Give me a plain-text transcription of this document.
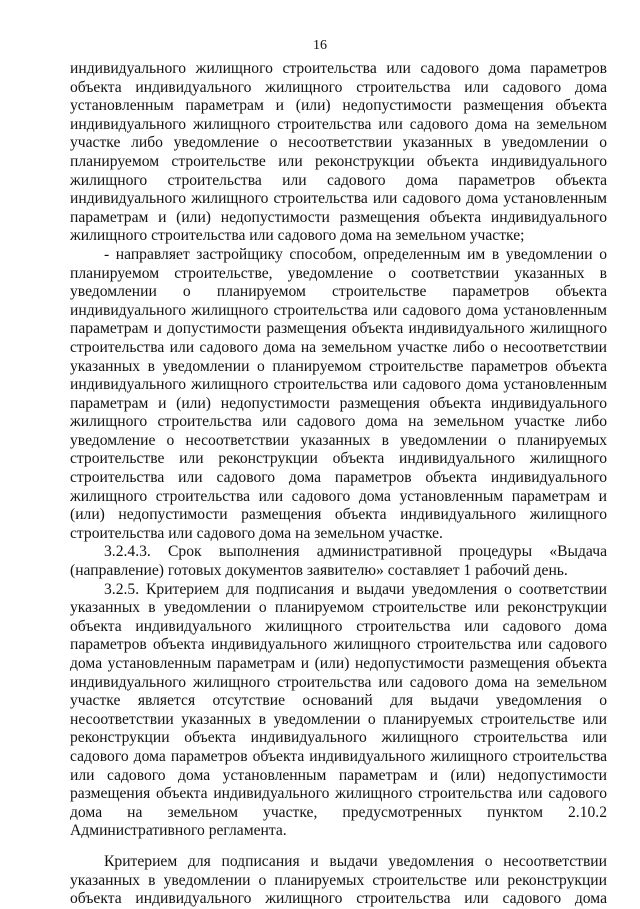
16

индивидуального жилищного строительства или садового дома параметров объекта индивидуального жилищного строительства или садового дома установленным параметрам и (или) недопустимости размещения объекта индивидуального жилищного строительства или садового дома на земельном участке либо уведомление о несоответствии указанных в уведомлении о планируемом строительстве или реконструкции объекта индивидуального жилищного строительства или садового дома параметров объекта индивидуального жилищного строительства или садового дома установленным параметрам и (или) недопустимости размещения объекта индивидуального жилищного строительства или садового дома на земельном участке;

- направляет застройщику способом, определенным им в уведомлении о планируемом строительстве, уведомление о соответствии указанных в уведомлении о планируемом строительстве параметров объекта индивидуального жилищного строительства или садового дома установленным параметрам и допустимости размещения объекта индивидуального жилищного строительства или садового дома на земельном участке либо о несоответствии указанных в уведомлении о планируемом строительстве параметров объекта индивидуального жилищного строительства или садового дома установленным параметрам и (или) недопустимости размещения объекта индивидуального жилищного строительства или садового дома на земельном участке либо уведомление о несоответствии указанных в уведомлении о планируемых строительстве или реконструкции объекта индивидуального жилищного строительства или садового дома параметров объекта индивидуального жилищного строительства или садового дома установленным параметрам и (или) недопустимости размещения объекта индивидуального жилищного строительства или садового дома на земельном участке.

3.2.4.3. Срок выполнения административной процедуры «Выдача (направление) готовых документов заявителю» составляет 1 рабочий день.

3.2.5. Критерием для подписания и выдачи уведомления о соответствии указанных в уведомлении о планируемом строительстве или реконструкции объекта индивидуального жилищного строительства или садового дома параметров объекта индивидуального жилищного строительства или садового дома установленным параметрам и (или) недопустимости размещения объекта индивидуального жилищного строительства или садового дома на земельном участке является отсутствие оснований для выдачи уведомления о несоответствии указанных в уведомлении о планируемых строительстве или реконструкции объекта индивидуального жилищного строительства или садового дома параметров объекта индивидуального жилищного строительства или садового дома установленным параметрам и (или) недопустимости размещения объекта индивидуального жилищного строительства или садового дома на земельном участке, предусмотренных пунктом 2.10.2 Административного регламента.

Критерием для подписания и выдачи уведомления о несоответствии указанных в уведомлении о планируемых строительстве или реконструкции объекта индивидуального жилищного строительства или садового дома
